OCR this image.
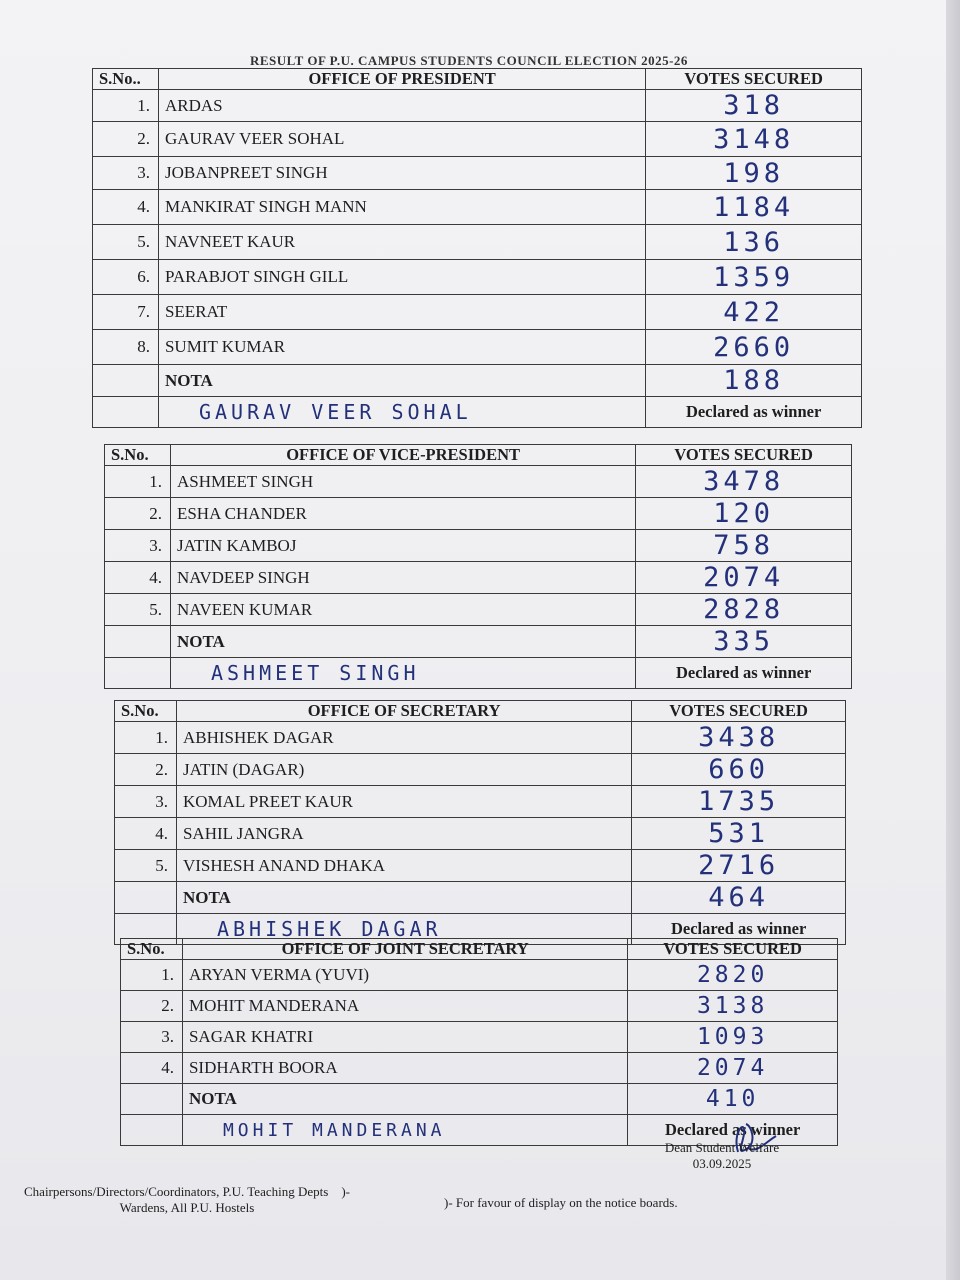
RESULT OF P.U. CAMPUS STUDENTS COUNCIL ELECTION 2025-26
S.No..	OFFICE OF PRESIDENT	VOTES SECURED
1.	ARDAS	318
2.	GAURAV VEER SOHAL	3148
3.	JOBANPREET SINGH	198
4.	MANKIRAT SINGH MANN	1184
5.	NAVNEET KAUR	136
6.	PARABJOT SINGH GILL	1359
7.	SEERAT	422
8.	SUMIT KUMAR	2660
	NOTA	188
	GAURAV VEER SOHAL	Declared as winner
S.No.	OFFICE OF VICE-PRESIDENT	VOTES SECURED
1.	ASHMEET SINGH	3478
2.	ESHA CHANDER	120
3.	JATIN KAMBOJ	758
4.	NAVDEEP SINGH	2074
5.	NAVEEN KUMAR	2828
	NOTA	335
	ASHMEET SINGH	Declared as winner
S.No.	OFFICE OF SECRETARY	VOTES SECURED
1.	ABHISHEK DAGAR	3438
2.	JATIN (DAGAR)	660
3.	KOMAL PREET KAUR	1735
4.	SAHIL JANGRA	531
5.	VISHESH ANAND DHAKA	2716
	NOTA	464
	ABHISHEK DAGAR	Declared as winner
S.No.	OFFICE OF JOINT SECRETARY	VOTES SECURED
1.	ARYAN VERMA (YUVI)	2820
2.	MOHIT MANDERANA	3138
3.	SAGAR KHATRI	1093
4.	SIDHARTH BOORA	2074
	NOTA	410
	MOHIT MANDERANA	Declared as winner
Dean Student Welfare
03.09.2025
Chairpersons/Directors/Coordinators, P.U. Teaching Depts )-
Wardens, All P.U. Hostels	)- For favour of display on the notice boards.
